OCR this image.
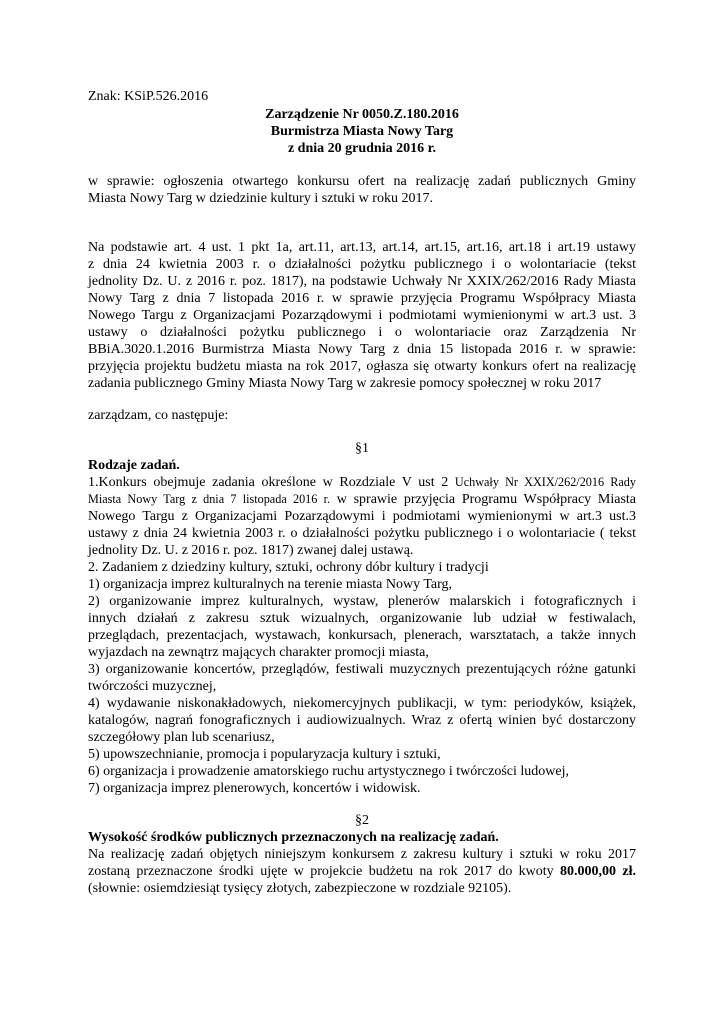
Znak: KSiP.526.2016
Zarządzenie Nr 0050.Z.180.2016
Burmistrza Miasta Nowy Targ
z dnia 20 grudnia 2016 r.
w sprawie: ogłoszenia otwartego konkursu ofert na realizację zadań publicznych Gminy
Miasta Nowy Targ w dziedzinie kultury i sztuki w roku 2017.
Na podstawie art. 4 ust. 1 pkt 1a, art.11, art.13, art.14, art.15, art.16, art.18 i art.19 ustawy
z dnia 24 kwietnia 2003 r. o działalności pożytku publicznego i o wolontariacie (tekst
jednolity Dz. U. z 2016 r. poz. 1817), na podstawie Uchwały Nr XXIX/262/2016 Rady Miasta
Nowy Targ z dnia 7 listopada 2016 r. w sprawie przyjęcia Programu Współpracy Miasta
Nowego Targu z Organizacjami Pozarządowymi i podmiotami wymienionymi w art.3 ust. 3
ustawy o działalności pożytku publicznego i o wolontariacie oraz Zarządzenia Nr
BBiA.3020.1.2016 Burmistrza Miasta Nowy Targ z dnia 15 listopada 2016 r. w sprawie:
przyjęcia projektu budżetu miasta na rok 2017, ogłasza się otwarty konkurs ofert na realizację
zadania publicznego Gminy Miasta Nowy Targ w zakresie pomocy społecznej w roku 2017
zarządzam, co następuje:
§1
Rodzaje zadań.
1.Konkurs obejmuje zadania określone w Rozdziale V ust 2 Uchwały Nr XXIX/262/2016 Rady
Miasta Nowy Targ z dnia 7 listopada 2016 r. w sprawie przyjęcia Programu Współpracy Miasta
Nowego Targu z Organizacjami Pozarządowymi i podmiotami wymienionymi w art.3 ust.3
ustawy z dnia 24 kwietnia 2003 r. o działalności pożytku publicznego i o wolontariacie ( tekst
jednolity Dz. U. z 2016 r. poz. 1817) zwanej dalej ustawą.
2. Zadaniem z dziedziny kultury, sztuki, ochrony dóbr kultury i tradycji
1) organizacja imprez kulturalnych na terenie miasta Nowy Targ,
2) organizowanie imprez kulturalnych, wystaw, plenerów malarskich i fotograficznych i
innych działań z zakresu sztuk wizualnych, organizowanie lub udział w festiwalach,
przeglądach, prezentacjach, wystawach, konkursach, plenerach, warsztatach, a także innych
wyjazdach na zewnątrz mających charakter promocji miasta,
3) organizowanie koncertów, przeglądów, festiwali muzycznych prezentujących różne gatunki
twórczości muzycznej,
4) wydawanie niskonakładowych, niekomercyjnych publikacji, w tym: periodyków, książek,
katalogów, nagrań fonograficznych i audiowizualnych. Wraz z ofertą winien być dostarczony
szczegółowy plan lub scenariusz,
5) upowszechnianie, promocja i popularyzacja kultury i sztuki,
6) organizacja i prowadzenie amatorskiego ruchu artystycznego i twórczości ludowej,
7) organizacja imprez plenerowych, koncertów i widowisk.
§2
Wysokość środków publicznych przeznaczonych na realizację zadań.
Na realizację zadań objętych niniejszym konkursem z zakresu kultury i sztuki w roku 2017
zostaną przeznaczone środki ujęte w projekcie budżetu na rok 2017 do kwoty 80.000,00 zł.
(słownie: osiemdziesiąt tysięcy złotych, zabezpieczone w rozdziale 92105).
